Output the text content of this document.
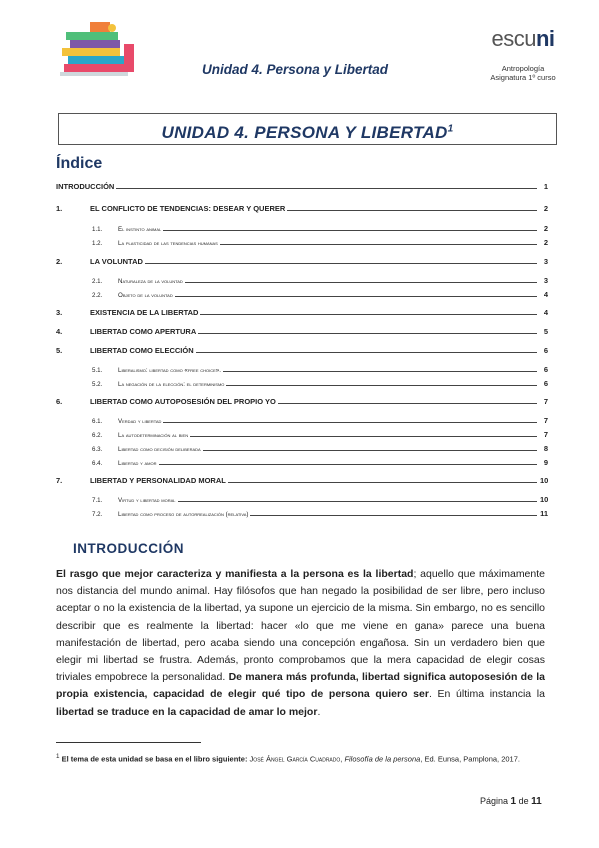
Unidad 4. Persona y Libertad
escuni
Antropología
Asignatura 1º curso
UNIDAD 4. PERSONA Y LIBERTAD$^1$
Índice
INTRODUCCIÓN	1
1.	EL CONFLICTO DE TENDENCIAS: DESEAR Y QUERER	2
1.1.	El instinto animal	2
1.2.	La plasticidad de las tendencias humanas	2
2.	LA VOLUNTAD	3
2.1.	Naturaleza de la voluntad	3
2.2.	Objeto de la voluntad	4
3.	EXISTENCIA DE LA LIBERTAD	4
4.	LIBERTAD COMO APERTURA	5
5.	LIBERTAD COMO ELECCIÓN	6
5.1.	Liberalismo: libertad como «free choice».	6
5.2.	La negación de la elección: el determinismo	6
6.	LIBERTAD COMO AUTOPOSESIÓN DEL PROPIO YO	7
6.1.	Verdad y libertad	7
6.2.	La autodeterminación al bien	7
6.3.	Libertad como decisión deliberada	8
6.4.	Libertad y amor	9
7.	LIBERTAD Y PERSONALIDAD MORAL	10
7.1.	Virtud y libertad moral	10
7.2.	Libertad como proceso de autorrealización (relativa)	11
INTRODUCCIÓN
El rasgo que mejor caracteriza y manifiesta a la persona es la libertad; aquello que máximamente nos distancia del mundo animal. Hay filósofos que han negado la posibilidad de ser libre, pero incluso aceptar o no la existencia de la libertad, ya supone un ejercicio de la misma. Sin embargo, no es sencillo describir que es realmente la libertad: hacer «lo que me viene en gana» parece una buena manifestación de libertad, pero acaba siendo una concepción engañosa. Sin un verdadero bien que elegir mi libertad se frustra. Además, pronto comprobamos que la mera capacidad de elegir cosas triviales empobrece la personalidad. De manera más profunda, libertad significa autoposesión de la propia existencia, capacidad de elegir qué tipo de persona quiero ser. En última instancia la libertad se traduce en la capacidad de amar lo mejor.
$^1$ El tema de esta unidad se basa en el libro siguiente: José Ángel García Cuadrado, Filosofía de la persona, Ed. Eunsa, Pamplona, 2017.
Página 1 de 11
